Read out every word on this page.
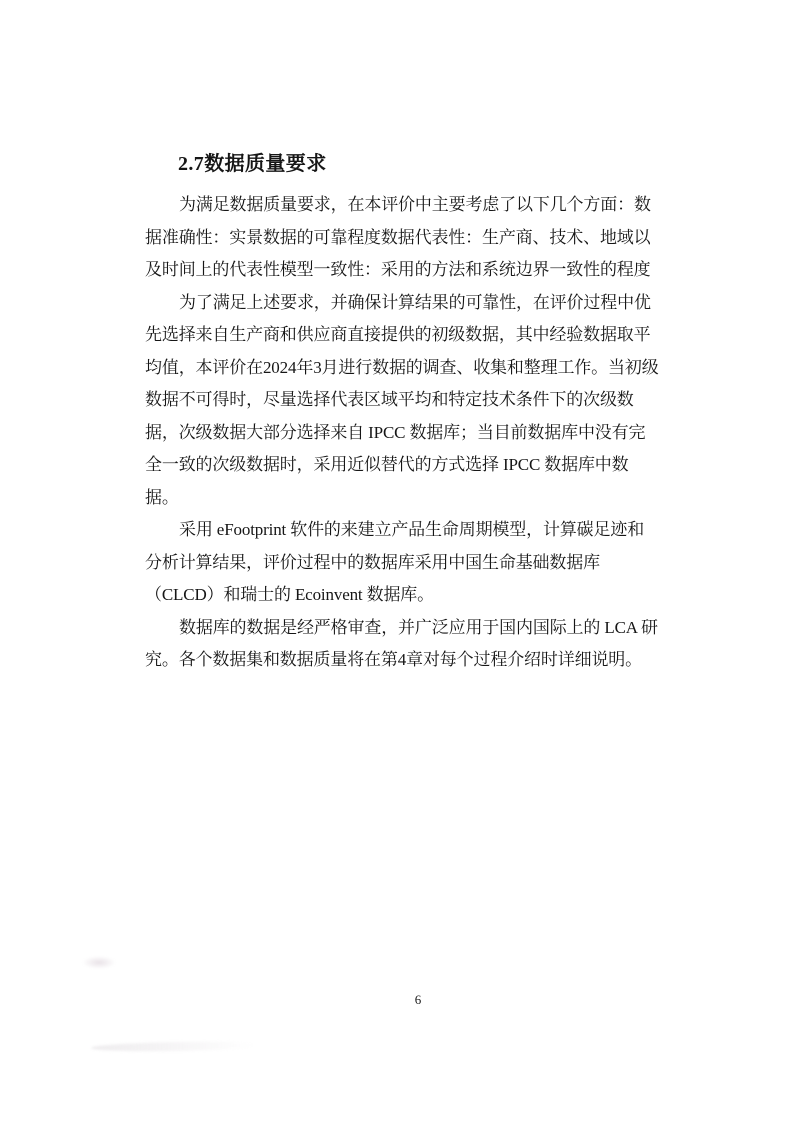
2.7数据质量要求
为满足数据质量要求，在本评价中主要考虑了以下几个方面：数
据准确性：实景数据的可靠程度数据代表性：生产商、技术、地域以
及时间上的代表性模型一致性：采用的方法和系统边界一致性的程度
为了满足上述要求，并确保计算结果的可靠性，在评价过程中优
先选择来自生产商和供应商直接提供的初级数据，其中经验数据取平
均值，本评价在2024年3月进行数据的调查、收集和整理工作。当初级
数据不可得时，尽量选择代表区域平均和特定技术条件下的次级数
据，次级数据大部分选择来自 IPCC 数据库；当目前数据库中没有完
全一致的次级数据时，采用近似替代的方式选择 IPCC 数据库中数
据。
采用 eFootprint 软件的来建立产品生命周期模型，计算碳足迹和
分析计算结果，评价过程中的数据库采用中国生命基础数据库
（CLCD）和瑞士的 Ecoinvent 数据库。
数据库的数据是经严格审查，并广泛应用于国内国际上的 LCA 研
究。各个数据集和数据质量将在第4章对每个过程介绍时详细说明。
6
